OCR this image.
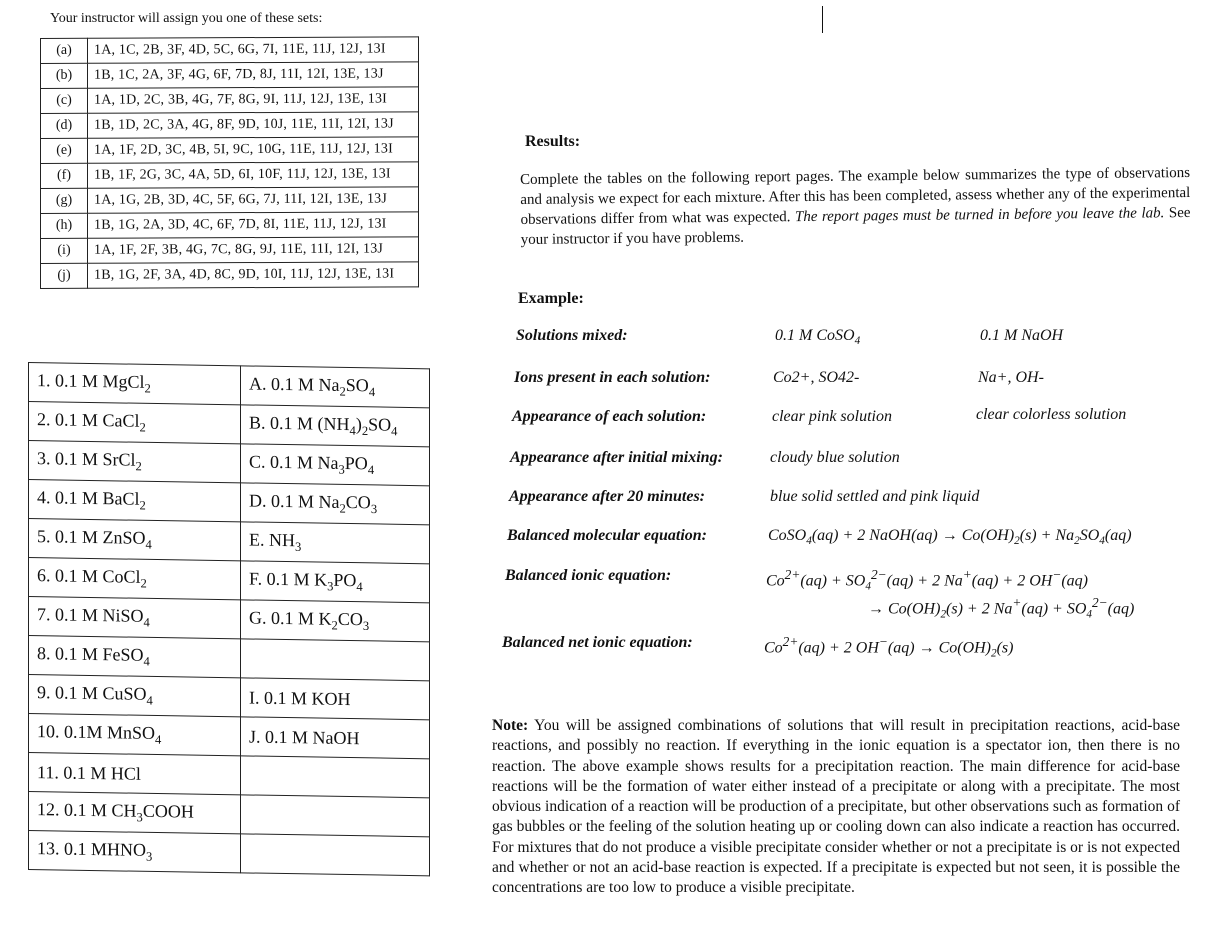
Your instructor will assign you one of these sets:
(a)	1A, 1C, 2B, 3F, 4D, 5C, 6G, 7I, 11E, 11J, 12J, 13I
(b)	1B, 1C, 2A, 3F, 4G, 6F, 7D, 8J, 11I, 12I, 13E, 13J
(c)	1A, 1D, 2C, 3B, 4G, 7F, 8G, 9I, 11J, 12J, 13E, 13I
(d)	1B, 1D, 2C, 3A, 4G, 8F, 9D, 10J, 11E, 11I, 12I, 13J
(e)	1A, 1F, 2D, 3C, 4B, 5I, 9C, 10G, 11E, 11J, 12J, 13I
(f)	1B, 1F, 2G, 3C, 4A, 5D, 6I, 10F, 11J, 12J, 13E, 13I
(g)	1A, 1G, 2B, 3D, 4C, 5F, 6G, 7J, 11I, 12I, 13E, 13J
(h)	1B, 1G, 2A, 3D, 4C, 6F, 7D, 8I, 11E, 11J, 12J, 13I
(i)	1A, 1F, 2F, 3B, 4G, 7C, 8G, 9J, 11E, 11I, 12I, 13J
(j)	1B, 1G, 2F, 3A, 4D, 8C, 9D, 10I, 11J, 12J, 13E, 13I
1. 0.1 M MgCl$_2$	A. 0.1 M $Na_2SO_4$
2. 0.1 M CaCl$_2$	B. 0.1 M $(NH_4)_2SO_4$
3. 0.1 M SrCl$_2$	C. 0.1 M $Na_3PO_4$
4. 0.1 M BaCl$_2$	D. 0.1 M $Na_2CO_3$
5. 0.1 M ZnSO$_4$	E. $NH_3$
6. 0.1 M CoCl$_2$	F. 0.1 M $K_3PO_4$
7. 0.1 M NiSO$_4$	G. 0.1 M $K_2CO_3$
8. 0.1 M FeSO$_4$	
9. 0.1 M CuSO$_4$	I. 0.1 M KOH
10. 0.1M MnSO$_4$	J. 0.1 M NaOH
11. 0.1 M HCl	
12. 0.1 M $CH_3COOH$	
13. 0.1 $MHNO_3$	
Results:
Complete the tables on the following report pages. The example below summarizes the type of observations and analysis we expect for each mixture. After this has been completed, assess whether any of the experimental observations differ from what was expected. The report pages must be turned in before you leave the lab. See your instructor if you have problems.
Example:
Solutions mixed:	0.1 M CoSO$_4$	0.1 M NaOH
Ions present in each solution:	Co2+, SO42-	Na+, OH-
Appearance of each solution:	clear pink solution	clear colorless solution
Appearance after initial mixing:	cloudy blue solution
Appearance after 20 minutes:	blue solid settled and pink liquid
Balanced molecular equation:	CoSO$_4$(aq) + 2 NaOH(aq) → $Co(OH)_2(s) + Na_2SO_4(aq)$
Balanced ionic equation:	$Co^{2+}(aq) + SO_4^{2-}(aq) + 2$ Na+(aq) + 2 OH−(aq)
→ $Co(OH)_2(s) + 2$ $Na^+(aq) + SO_4^{2-}(aq)$
Balanced net ionic equation:	$Co^{2+}(aq) + 2$ $OH^-(aq) \to Co(OH)_2(s)$
Note: You will be assigned combinations of solutions that will result in precipitation reactions, acid-base reactions, and possibly no reaction. If everything in the ionic equation is a spectator ion, then there is no reaction. The above example shows results for a precipitation reaction. The main difference for acid-base reactions will be the formation of water either instead of a precipitate or along with a precipitate. The most obvious indication of a reaction will be production of a precipitate, but other observations such as formation of gas bubbles or the feeling of the solution heating up or cooling down can also indicate a reaction has occurred. For mixtures that do not produce a visible precipitate consider whether or not a precipitate is or is not expected and whether or not an acid-base reaction is expected. If a precipitate is expected but not seen, it is possible the concentrations are too low to produce a visible precipitate.
